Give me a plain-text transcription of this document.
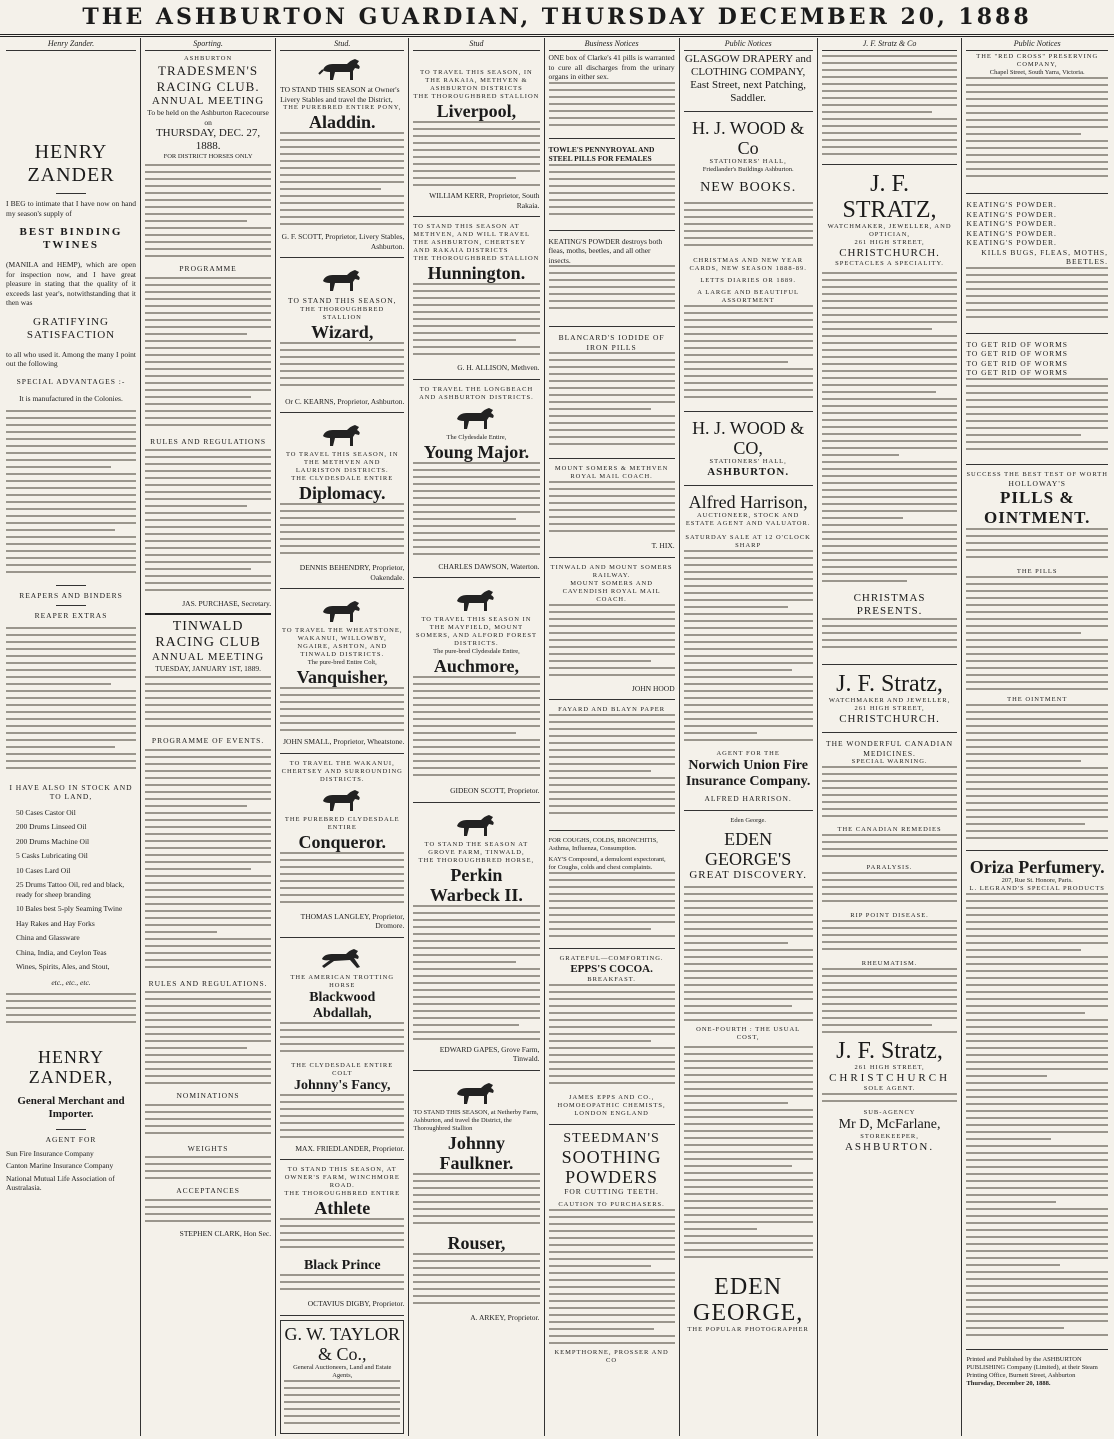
THE ASHBURTON GUARDIAN, THURSDAY DECEMBER 20, 1888
Henry Zander.
HENRY ZANDER
I BEG to intimate that I have now on hand my season's supply of
BEST BINDING TWINES
(MANILA and HEMP), which are open for inspection now, and I have great pleasure in stating that the quality of it exceeds last year's, notwithstanding that it then was
GRATIFYING SATISFACTION
to all who used it. Among the many I point out the following
SPECIAL ADVANTAGES :-
It is manufactured in the Colonies.
REAPERS AND BINDERS
REAPER EXTRAS
I HAVE ALSO IN STOCK AND TO LAND,
50 Cases Castor Oil
200 Drums Linseed Oil
200 Drums Machine Oil
5 Casks Lubricating Oil
10 Cases Lard Oil
25 Drums Tattoo Oil, red and black, ready for sheep branding
10 Bales best 5-ply Seaming Twine
Hay Rakes and Hay Forks
China and Glassware
China, India, and Ceylon Teas
Wines, Spirits, Ales, and Stout,
etc., etc., etc.
HENRY ZANDER,
General Merchant and Importer.
AGENT FOR
Sun Fire Insurance Company
Canton Marine Insurance Company
National Mutual Life Association of Australasia.
Sporting.
ASHBURTON
TRADESMEN'S RACING CLUB.
ANNUAL MEETING
To be held on the Ashburton Racecourse on
THURSDAY, DEC. 27, 1888.
FOR DISTRICT HORSES ONLY
PROGRAMME
RULES AND REGULATIONS
JAS. PURCHASE, Secretary.
TINWALD RACING CLUB
ANNUAL MEETING
TUESDAY, JANUARY 1ST, 1889.
PROGRAMME OF EVENTS.
RULES AND REGULATIONS.
NOMINATIONS
WEIGHTS
ACCEPTANCES
STEPHEN CLARK, Hon Sec.
Stud.
TO STAND THIS SEASON at Owner's Livery Stables and travel the District,
THE PUREBRED ENTIRE PONY,
Aladdin.
G. F. SCOTT, Proprietor, Livery Stables, Ashburton.
TO STAND THIS SEASON,
THE THOROUGHBRED STALLION
Wizard,
Or C. KEARNS, Proprietor, Ashburton.
TO TRAVEL THIS SEASON, IN THE METHVEN AND LAURISTON DISTRICTS.
THE CLYDESDALE ENTIRE
Diplomacy.
DENNIS BEHENDRY, Proprietor, Oakendale.
TO TRAVEL THE WHEATSTONE, WAKANUI, WILLOWBY, NGAIRE, ASHTON, AND TINWALD DISTRICTS.
The pure-bred Entire Colt,
Vanquisher,
JOHN SMALL, Proprietor, Wheatstone.
TO TRAVEL THE WAKANUI, CHERTSEY AND SURROUNDING DISTRICTS.
THE PUREBRED CLYDESDALE ENTIRE
Conqueror.
THOMAS LANGLEY, Proprietor, Dromore.
THE AMERICAN TROTTING HORSE
Blackwood Abdallah,
THE CLYDESDALE ENTIRE COLT
Johnny's Fancy,
MAX. FRIEDLANDER, Proprietor.
TO STAND THIS SEASON, AT OWNER'S FARM, WINCHMORE ROAD.
THE THOROUGHBRED ENTIRE
Athlete
Black Prince
OCTAVIUS DIGBY, Proprietor.
G. W. TAYLOR & Co.,
General Auctioneers, Land and Estate Agents,
Stud
TO TRAVEL THIS SEASON, IN THE RAKAIA, METHVEN & ASHBURTON DISTRICTS
THE THOROUGHBRED STALLION
Liverpool,
WILLIAM KERR, Proprietor, South Rakaia.
TO STAND THIS SEASON AT METHVEN, AND WILL TRAVEL THE ASHBURTON, CHERTSEY AND RAKAIA DISTRICTS
THE THOROUGHBRED STALLION
Hunnington.
G. H. ALLISON, Methven.
TO TRAVEL THE LONGBEACH AND ASHBURTON DISTRICTS.
The Clydesdale Entire,
Young Major.
CHARLES DAWSON, Waterton.
TO TRAVEL THIS SEASON IN THE MAYFIELD, MOUNT SOMERS, AND ALFORD FOREST DISTRICTS.
The pure-bred Clydesdale Entire,
Auchmore,
GIDEON SCOTT, Proprietor.
TO STAND THE SEASON AT GROVE FARM, TINWALD,
THE THOROUGHBRED HORSE,
Perkin Warbeck II.
EDWARD GAPES, Grove Farm, Tinwald.
TO STAND THIS SEASON, at Netherby Farm, Ashburton, and travel the District, the Thoroughbred Stallion
Johnny Faulkner.
Rouser,
A. ARKEY, Proprietor.
Business Notices
ONE box of Clarke's 41 pills is warranted to cure all discharges from the urinary organs in either sex.
TOWLE'S PENNYROYAL AND STEEL PILLS FOR FEMALES
KEATING'S POWDER destroys both fleas, moths, beetles, and all other insects.
BLANCARD'S IODIDE OF IRON PILLS
MOUNT SOMERS & METHVEN ROYAL MAIL COACH.
T. HIX.
TINWALD AND MOUNT SOMERS RAILWAY.
MOUNT SOMERS AND CAVENDISH ROYAL MAIL COACH.
JOHN HOOD
FAYARD AND BLAYN PAPER
FOR COUGHS, COLDS, BRONCHITIS, Asthma, Influenza, Consumption.
KAY'S Compound, a demulcent expectorant, for Coughs, colds and chest complaints.
GRATEFUL—COMFORTING.
EPPS'S COCOA.
BREAKFAST.
JAMES EPPS AND CO., HOMOEOPATHIC CHEMISTS, LONDON ENGLAND
STEEDMAN'S
SOOTHING POWDERS
FOR CUTTING TEETH.
CAUTION TO PURCHASERS.
KEMPTHORNE, PROSSER AND CO
Public Notices
GLASGOW DRAPERY and CLOTHING COMPANY, East Street, next Patching, Saddler.
H. J. WOOD & Co
STATIONERS' HALL,
Friedlander's Buildings Ashburton.
NEW BOOKS.
CHRISTMAS AND NEW YEAR CARDS, NEW SEASON 1888-89.
LETTS DIARIES OR 1889.
A LARGE AND BEAUTIFUL ASSORTMENT
H. J. WOOD & CO,
STATIONERS' HALL,
ASHBURTON.
Alfred Harrison,
AUCTIONEER, STOCK AND ESTATE AGENT AND VALUATOR.
SATURDAY SALE AT 12 O'CLOCK SHARP
AGENT FOR THE
Norwich Union Fire Insurance Company.
ALFRED HARRISON.
Eden George.
EDEN GEORGE'S
GREAT DISCOVERY.
ONE-FOURTH : THE USUAL COST,
EDEN GEORGE,
THE POPULAR PHOTOGRAPHER
J. F. Stratz & Co
J. F. STRATZ,
WATCHMAKER, JEWELLER, AND OPTICIAN,
261 HIGH STREET,
CHRISTCHURCH.
SPECTACLES A SPECIALITY.
CHRISTMAS PRESENTS.
J. F. Stratz,
WATCHMAKER AND JEWELLER,
261 HIGH STREET,
CHRISTCHURCH.
THE WONDERFUL CANADIAN MEDICINES.
SPECIAL WARNING.
THE CANADIAN REMEDIES
PARALYSIS.
RIP POINT DISEASE.
RHEUMATISM.
J. F. Stratz,
261 HIGH STREET,
CHRISTCHURCH
SOLE AGENT.
SUB-AGENCY
Mr D, McFarlane,
STOREKEEPER,
ASHBURTON.
Public Notices
THE "RED CROSS" PRESERVING COMPANY,
Chapel Street, South Yarra, Victoria.
KEATING'S POWDER.
KEATING'S POWDER.
KEATING'S POWDER.
KEATING'S POWDER.
KEATING'S POWDER.
KILLS BUGS, FLEAS, MOTHS, BEETLES.
TO GET RID OF WORMS
TO GET RID OF WORMS
TO GET RID OF WORMS
TO GET RID OF WORMS
SUCCESS THE BEST TEST OF WORTH
HOLLOWAY'S
PILLS & OINTMENT.
THE PILLS
THE OINTMENT
Oriza Perfumery.
207, Rue St. Honore, Paris.
L. LEGRAND'S SPECIAL PRODUCTS
Printed and Published by the ASHBURTON PUBLISHING Company (Limited), at their Steam Printing Office, Burnett Street, Ashburton
Thursday, December 20, 1888.
